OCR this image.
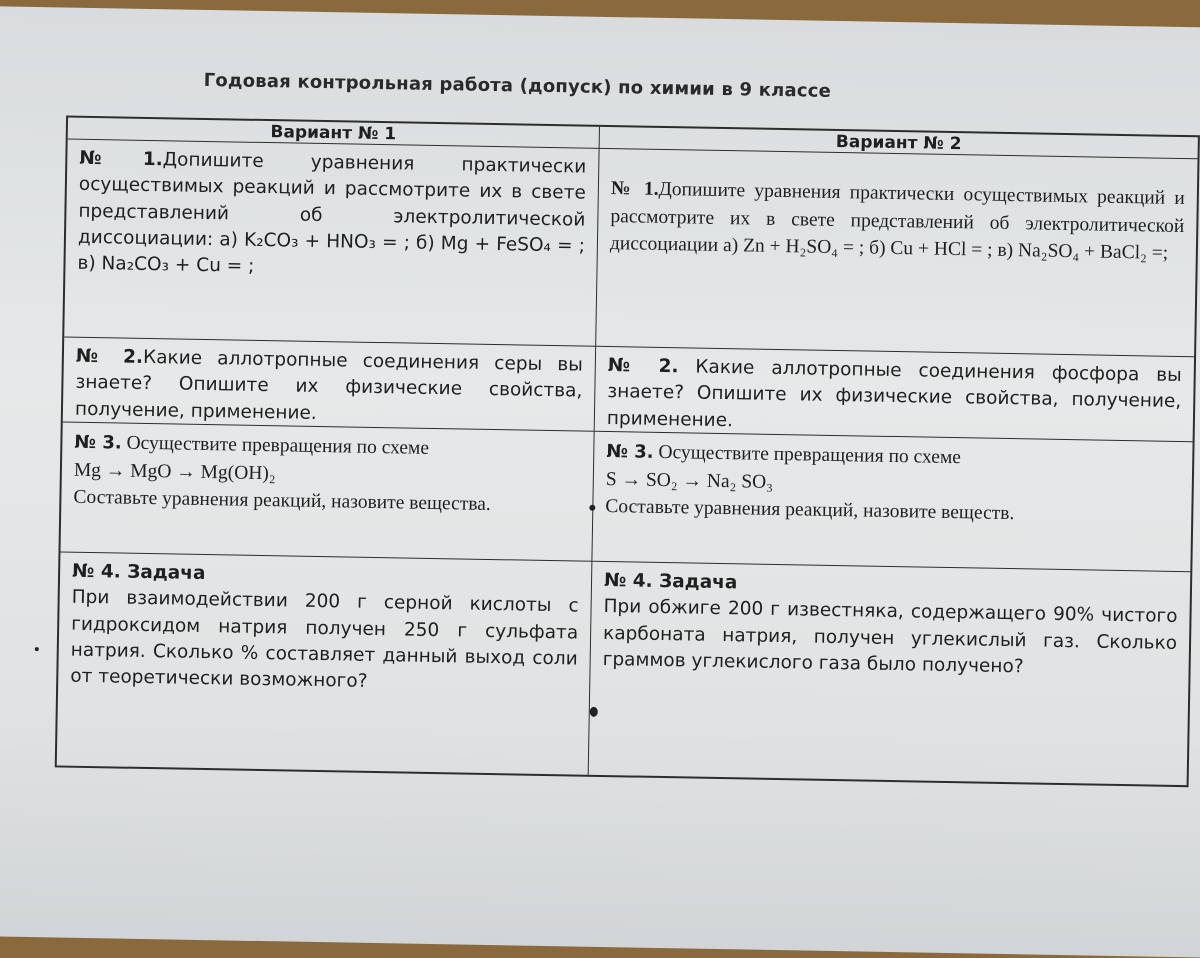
Годовая контрольная работа (допуск) по химии в 9 классе
Вариант № 1	Вариант № 2
№1.Допишите уравнения практически осуществимых реакций и рассмотрите их в свете представлений об электролитической диссоциации: а) K₂CO₃ + HNO₃ = ; б) Mg + FeSO₄ = ; в) Na₂CO₃ + Cu = ;
№ 1.Допишите уравнения практически осуществимых реакций и рассмотрите их в свете представлений об электролитической диссоциации а) Zn + H₂SO₄ = ; б) Cu + HCl = ; в) Na₂SO₄ + BaCl₂ =;
№ 2.Какие аллотропные соединения серы вы знаете? Опишите их физические свойства, получение, применение.
№ 2. Какие аллотропные соединения фосфора вы знаете? Опишите их физические свойства, получение, применение.
№ 3. Осуществите превращения по схеме
Mg → MgO → Mg(OH)₂
Составьте уравнения реакций, назовите вещества.
№ 3. Осуществите превращения по схеме
S → SO₂ → Na₂ SO₃
Составьте уравнения реакций, назовите веществ.
№ 4. Задача
При взаимодействии 200 г серной кислоты с гидроксидом натрия получен 250 г сульфата натрия. Сколько % составляет данный выход соли от теоретически возможного?
№ 4. Задача
При обжиге 200 г известняка, содержащего 90% чистого карбоната натрия, получен углекислый газ. Сколько граммов углекислого газа было получено?
